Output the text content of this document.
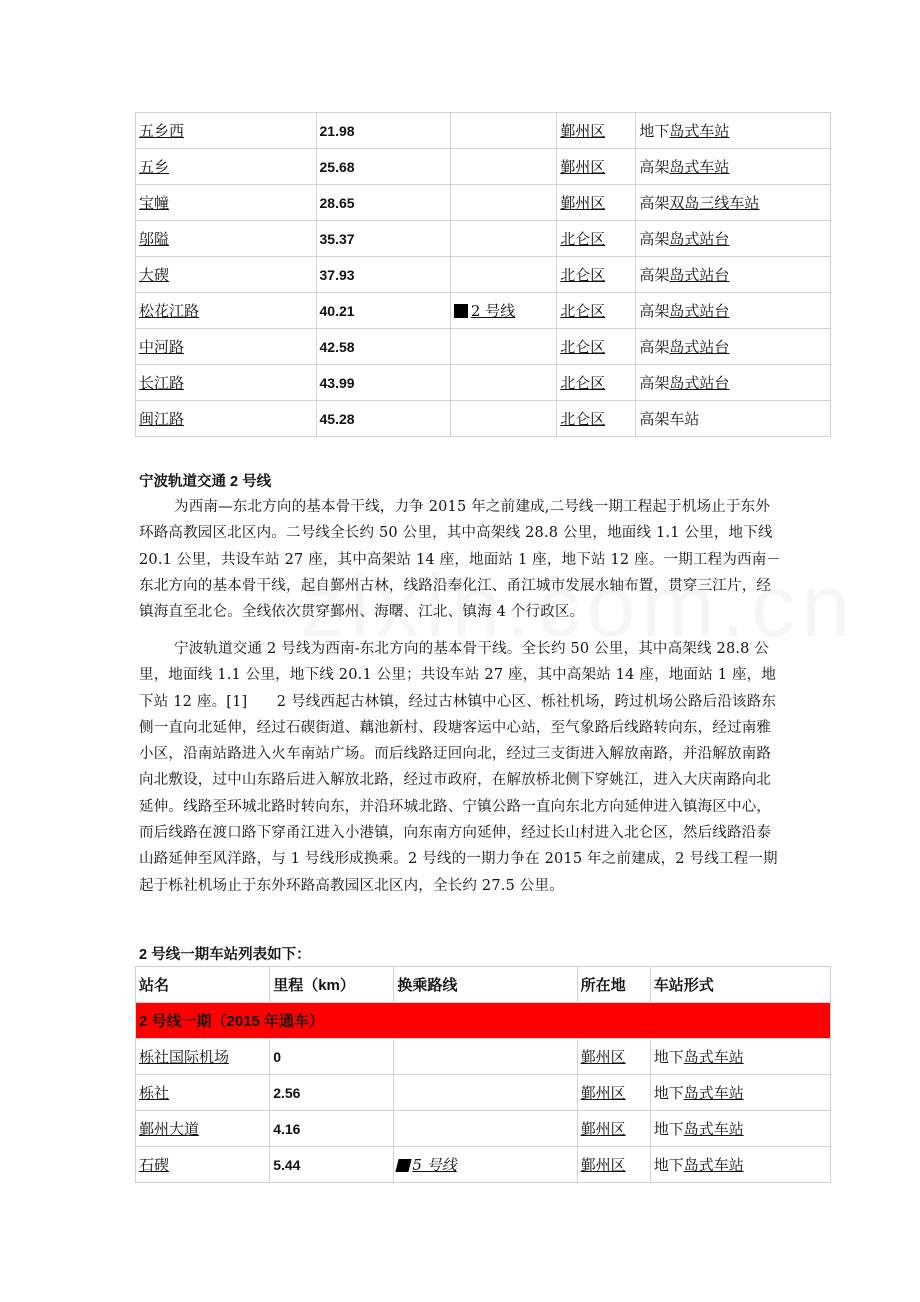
五乡西	21.98		鄞州区	地下岛式车站
五乡	25.68		鄞州区	高架岛式车站
宝幢	28.65		鄞州区	高架双岛三线车站
邬隘	35.37		北仑区	高架岛式站台
大碶	37.93		北仑区	高架岛式站台
松花江路	40.21	2 号线	北仑区	高架岛式站台
中河路	42.58		北仑区	高架岛式站台
长江路	43.99		北仑区	高架岛式站台
闽江路	45.28		北仑区	高架车站
宁波轨道交通 2 号线

为西南—东北方向的基本骨干线，力争 2015 年之前建成,二号线一期工程起于机场止于东外环路高教园区北区内。二号线全长约 50 公里，其中高架线 28.8 公里，地面线 1.1 公里，地下线 20.1 公里，共设车站 27 座，其中高架站 14 座，地面站 1 座，地下站 12 座。一期工程为西南－东北方向的基本骨干线，起自鄞州古林，线路沿奉化江、甬江城市发展水轴布置，贯穿三江片，经镇海直至北仑。全线依次贯穿鄞州、海曙、江北、镇海 4 个行政区。

宁波轨道交通 2 号线为西南-东北方向的基本骨干线。全长约 50 公里，其中高架线 28.8 公里，地面线 1.1 公里，地下线 20.1 公里；共设车站 27 座，其中高架站 14 座，地面站 1 座，地下站 12 座。[1]　　2 号线西起古林镇，经过古林镇中心区、栎社机场，跨过机场公路后沿该路东侧一直向北延伸，经过石碶街道、藕池新村、段塘客运中心站，至气象路后线路转向东，经过南雅小区，沿南站路进入火车南站广场。而后线路迂回向北，经过三支街进入解放南路，并沿解放南路向北敷设，过中山东路后进入解放北路，经过市政府，在解放桥北侧下穿姚江，进入大庆南路向北延伸。线路至环城北路时转向东，并沿环城北路、宁镇公路一直向东北方向延伸进入镇海区中心，而后线路在渡口路下穿甬江进入小港镇，向东南方向延伸，经过长山村进入北仑区，然后线路沿泰山路延伸至风洋路，与 1 号线形成换乘。2 号线的一期力争在 2015 年之前建成，2 号线工程一期起于栎社机场止于东外环路高教园区北区内，全长约 27.5 公里。

2 号线一期车站列表如下：
站名	里程（km）	换乘路线	所在地	车站形式
2 号线一期（2015 年通车）				
栎社国际机场	0		鄞州区	地下岛式车站
栎社	2.56		鄞州区	地下岛式车站
鄞州大道	4.16		鄞州区	地下岛式车站
石碶	5.44	5 号线	鄞州区	地下岛式车站
